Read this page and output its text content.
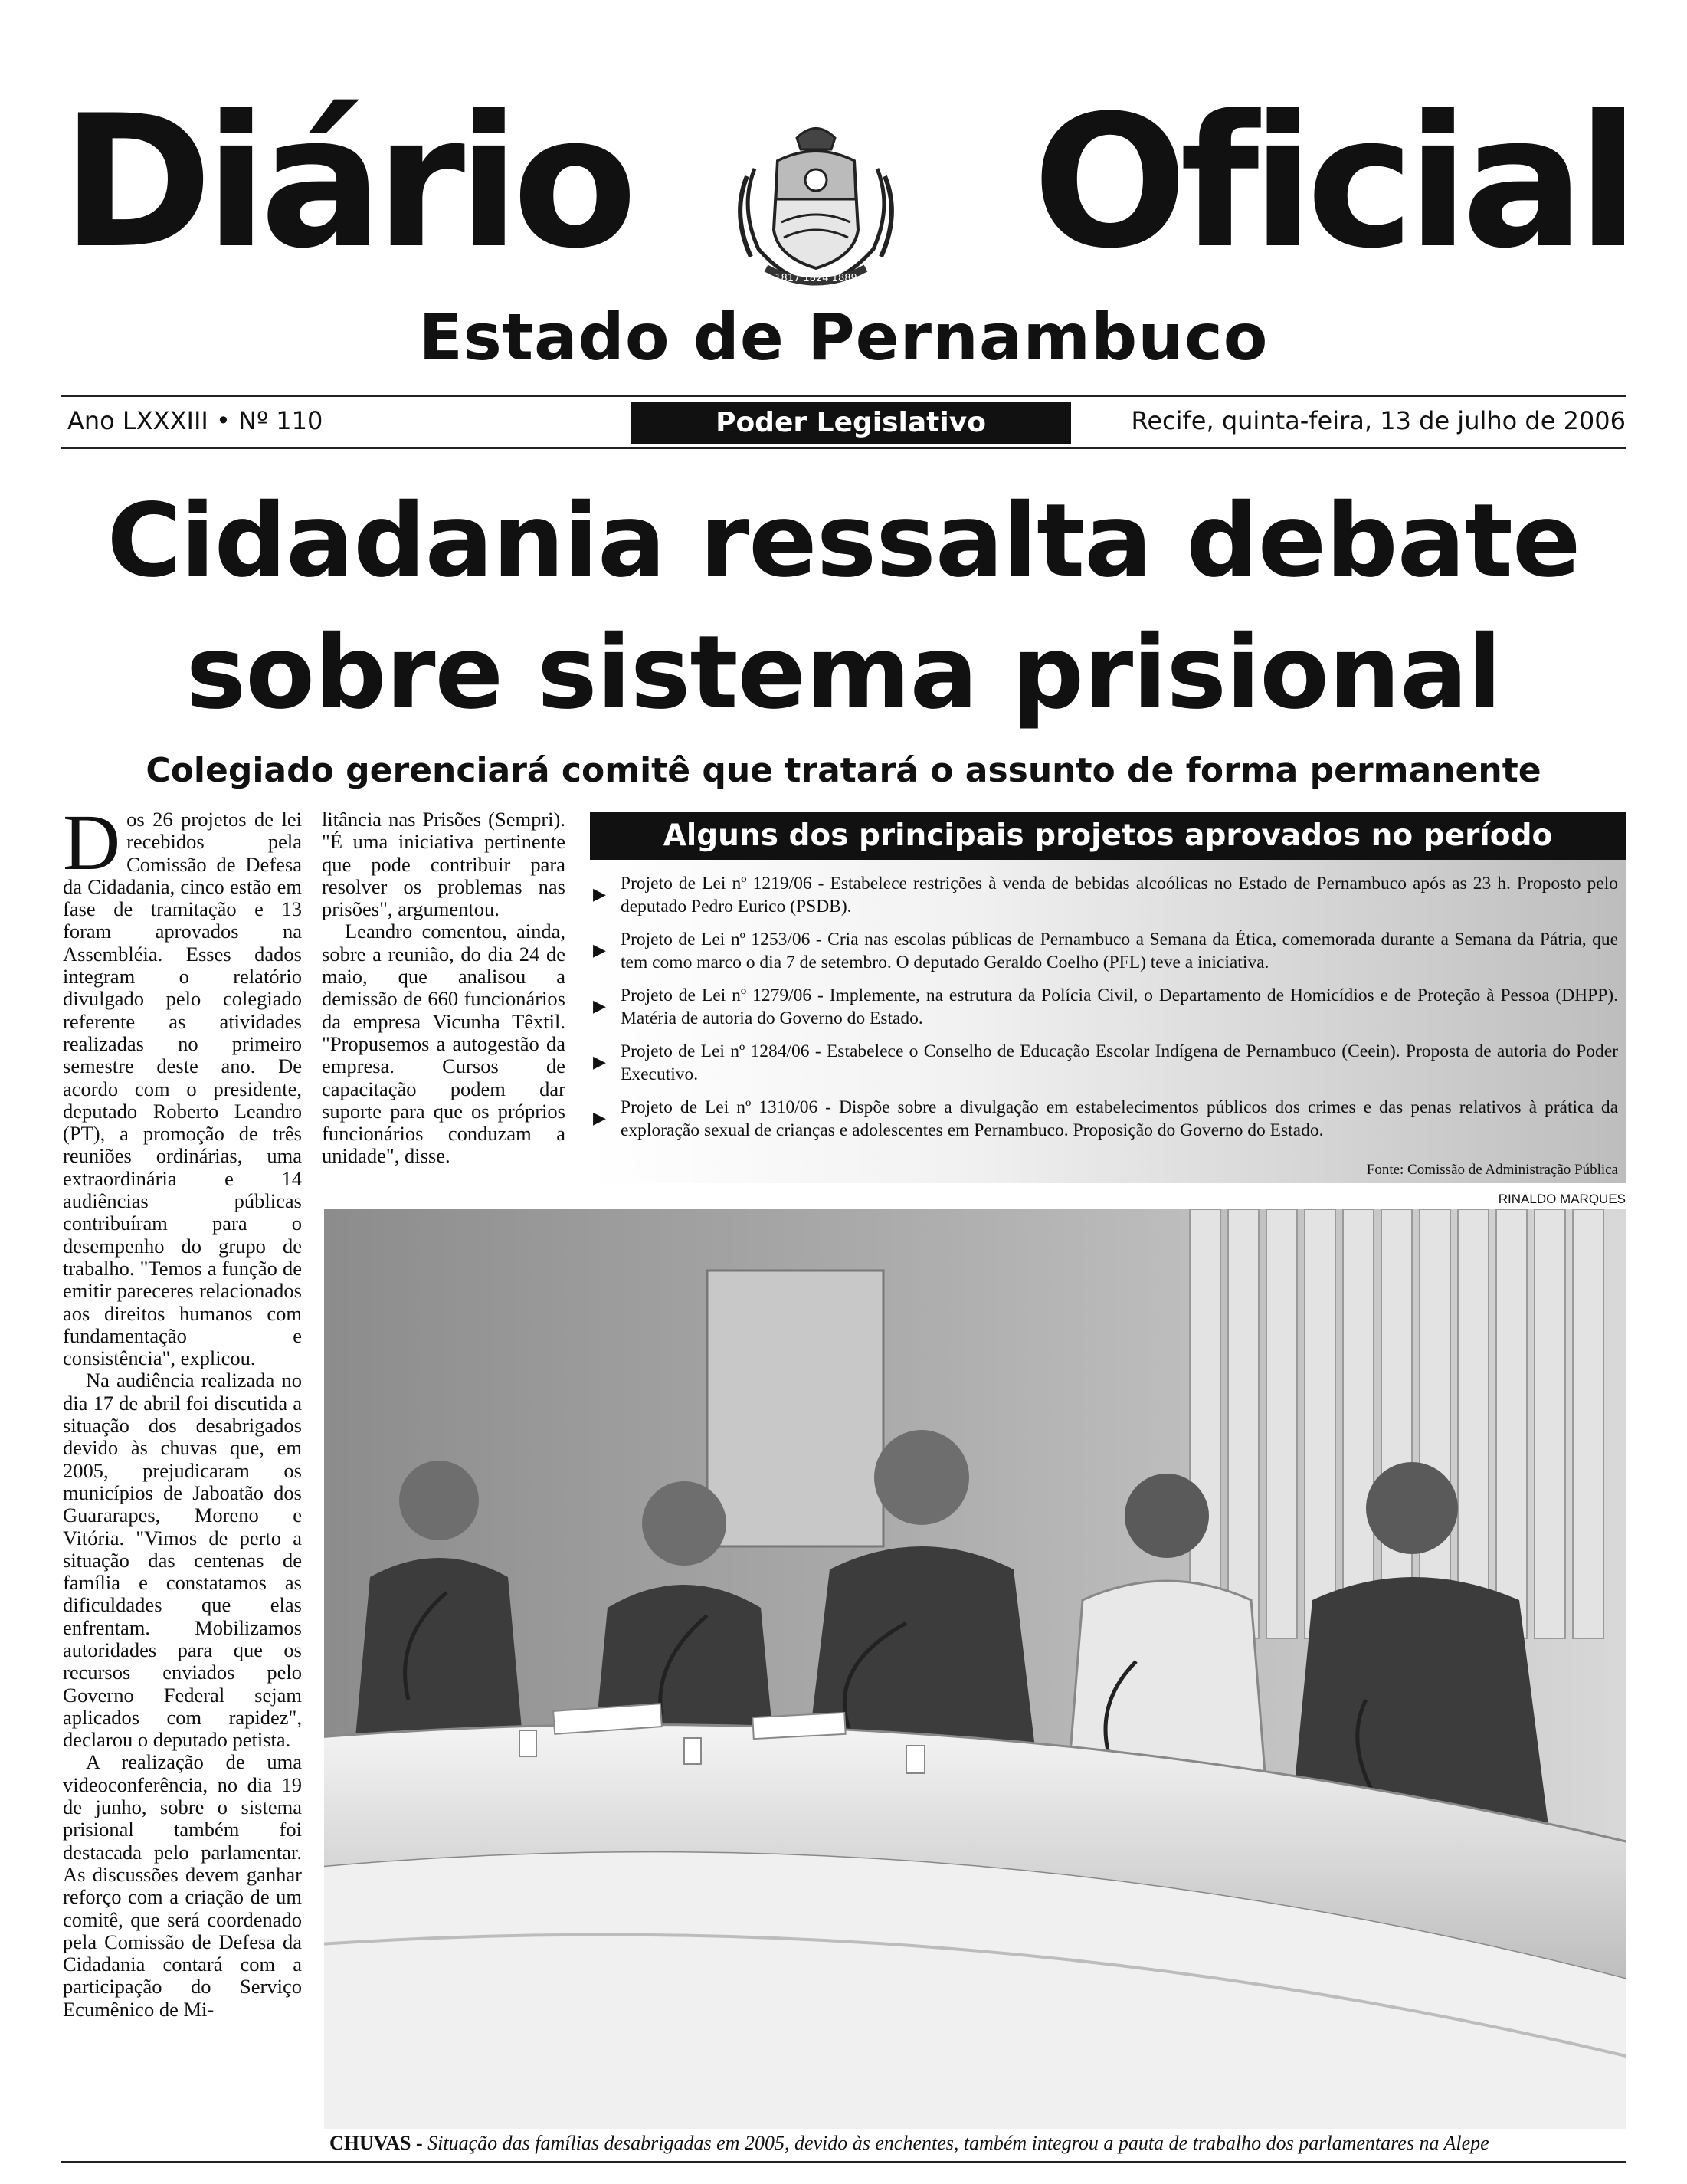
Diário	1817 1824 1889 Oficial
Estado de Pernambuco
Ano LXXXIII • Nº 110	Poder Legislativo	Recife, quinta-feira, 13 de julho de 2006
Cidadania ressalta debate sobre sistema prisional
Colegiado gerenciará comitê que tratará o assunto de forma permanente

Dos 26 projetos de lei recebidos pela Comissão de Defesa da Cidadania, cinco estão em fase de tramitação e 13 foram aprovados na Assembléia. Esses dados integram o relatório divulgado pelo colegiado referente as atividades realizadas no primeiro semestre deste ano. De acordo com o presidente, deputado Roberto Leandro (PT), a promoção de três reuniões ordinárias, uma extraordinária e 14 audiências públicas contribuíram para o desempenho do grupo de trabalho. "Temos a função de emitir pareceres relacionados aos direitos humanos com fundamentação e consistência", explicou.

Na audiência realizada no dia 17 de abril foi discutida a situação dos desabrigados devido às chuvas que, em 2005, prejudicaram os municípios de Jaboatão dos Guararapes, Moreno e Vitória. "Vimos de perto a situação das centenas de família e constatamos as dificuldades que elas enfrentam. Mobilizamos autoridades para que os recursos enviados pelo Governo Federal sejam aplicados com rapidez", declarou o deputado petista.

A realização de uma videoconferência, no dia 19 de junho, sobre o sistema prisional também foi destacada pelo parlamentar. As discussões devem ganhar reforço com a criação de um comitê, que será coordenado pela Comissão de Defesa da Cidadania contará com a participação do Serviço Ecumênico de Mi-

litância nas Prisões (Sempri). "É uma iniciativa pertinente que pode contribuir para resolver os problemas nas prisões", argumentou.

Leandro comentou, ainda, sobre a reunião, do dia 24 de maio, que analisou a demissão de 660 funcionários da empresa Vicunha Têxtil. "Propusemos a autogestão da empresa. Cursos de capacitação podem dar suporte para que os próprios funcionários conduzam a unidade", disse.

Alguns dos principais projetos aprovados no período
▶
Projeto de Lei nº 1219/06 - Estabelece restrições à venda de bebidas alcoólicas no Estado de Pernambuco após as 23 h. Proposto pelo deputado Pedro Eurico (PSDB).
▶
Projeto de Lei nº 1253/06 - Cria nas escolas públicas de Pernambuco a Semana da Ética, comemorada durante a Semana da Pátria, que tem como marco o dia 7 de setembro. O deputado Geraldo Coelho (PFL) teve a iniciativa.
▶
Projeto de Lei nº 1279/06 - Implemente, na estrutura da Polícia Civil, o Departamento de Homicídios e de Proteção à Pessoa (DHPP). Matéria de autoria do Governo do Estado.
▶
Projeto de Lei nº 1284/06 - Estabelece o Conselho de Educação Escolar Indígena de Pernambuco (Ceein). Proposta de autoria do Poder Executivo.
▶
Projeto de Lei nº 1310/06 - Dispõe sobre a divulgação em estabelecimentos públicos dos crimes e das penas relativos à prática da exploração sexual de crianças e adolescentes em Pernambuco. Proposição do Governo do Estado.
Fonte: Comissão de Administração Pública
RINALDO MARQUES

CHUVAS - Situação das famílias desabrigadas em 2005, devido às enchentes, também integrou a pauta de trabalho dos parlamentares na Alepe
